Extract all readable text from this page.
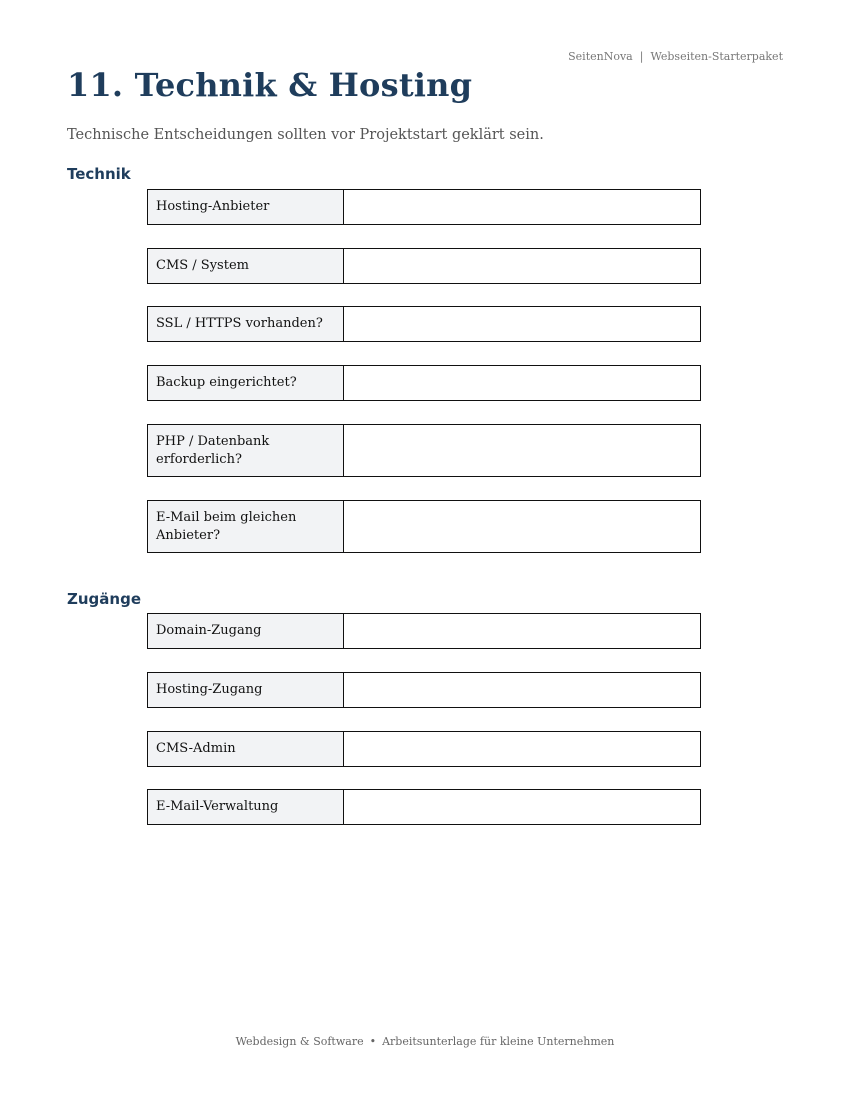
SeitenNova | Webseiten-Starterpaket
11. Technik & Hosting

Technische Entscheidungen sollten vor Projektstart geklärt sein.

Technik
Hosting-Anbieter
CMS / System
SSL / HTTPS vorhanden?
Backup eingerichtet?
PHP / Datenbank erforderlich?
E-Mail beim gleichen Anbieter?
Zugänge
Domain-Zugang
Hosting-Zugang
CMS-Admin
E-Mail-Verwaltung
Webdesign & Software • Arbeitsunterlage für kleine Unternehmen
